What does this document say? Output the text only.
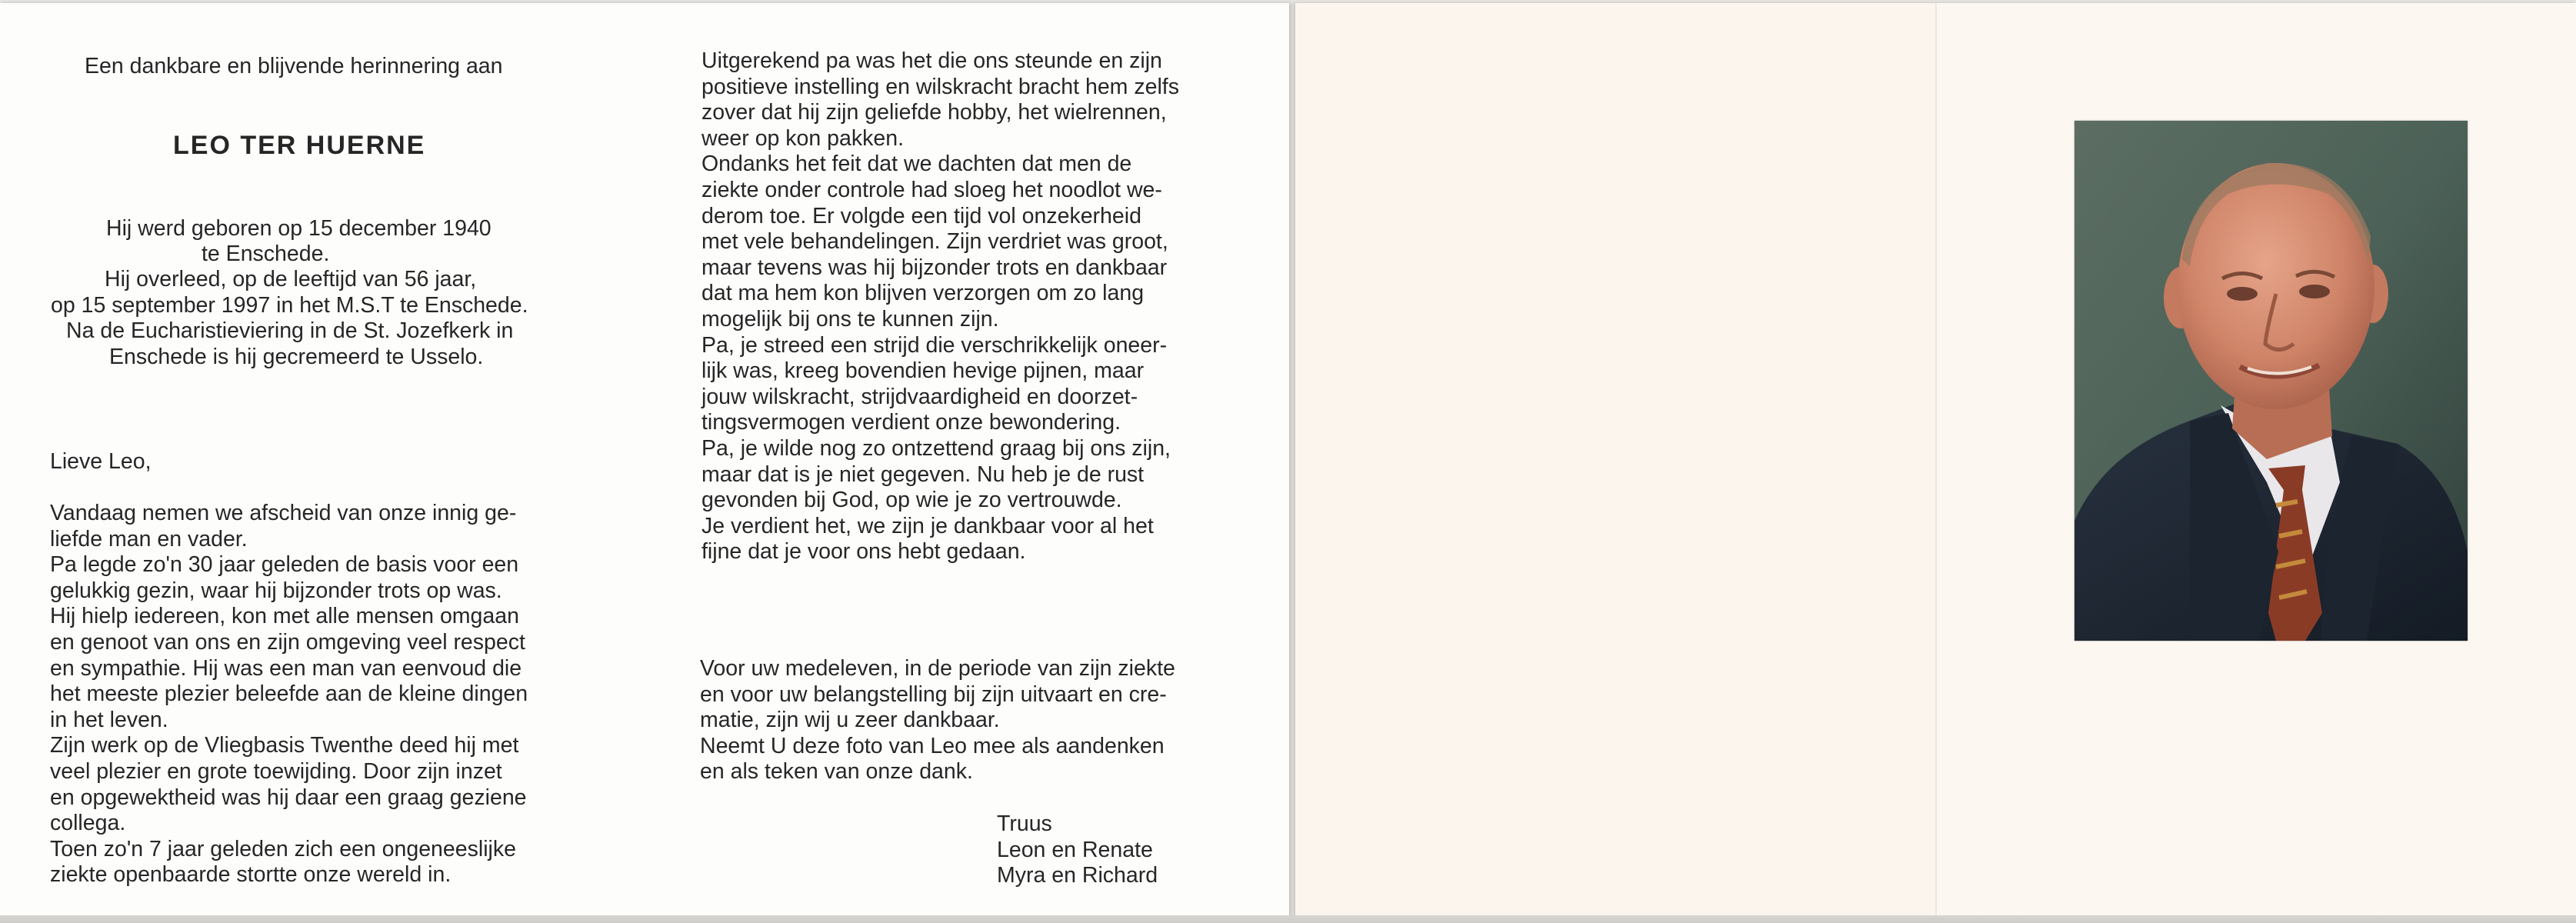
Een dankbare en blijvende herinnering aan

LEO TER HUERNE

Hij werd geboren op 15 december 1940

te Enschede.

Hij overleed, op de leeftijd van 56 jaar,

op 15 september 1997 in het M.S.T te Enschede.

Na de Eucharistieviering in de St. Jozefkerk in

Enschede is hij gecremeerd te Usselo.

Lieve Leo,

Vandaag nemen we afscheid van onze innig ge-

liefde man en vader.

Pa legde zo'n 30 jaar geleden de basis voor een

gelukkig gezin, waar hij bijzonder trots op was.

Hij hielp iedereen, kon met alle mensen omgaan

en genoot van ons en zijn omgeving veel respect

en sympathie. Hij was een man van eenvoud die

het meeste plezier beleefde aan de kleine dingen

in het leven.

Zijn werk op de Vliegbasis Twenthe deed hij met

veel plezier en grote toewijding. Door zijn inzet

en opgewektheid was hij daar een graag geziene

collega.

Toen zo'n 7 jaar geleden zich een ongeneeslijke

ziekte openbaarde stortte onze wereld in.

Uitgerekend pa was het die ons steunde en zijn

positieve instelling en wilskracht bracht hem zelfs

zover dat hij zijn geliefde hobby, het wielrennen,

weer op kon pakken.

Ondanks het feit dat we dachten dat men de

ziekte onder controle had sloeg het noodlot we-

derom toe. Er volgde een tijd vol onzekerheid

met vele behandelingen. Zijn verdriet was groot,

maar tevens was hij bijzonder trots en dankbaar

dat ma hem kon blijven verzorgen om zo lang

mogelijk bij ons te kunnen zijn.

Pa, je streed een strijd die verschrikkelijk oneer-

lijk was, kreeg bovendien hevige pijnen, maar

jouw wilskracht, strijdvaardigheid en doorzet-

tingsvermogen verdient onze bewondering.

Pa, je wilde nog zo ontzettend graag bij ons zijn,

maar dat is je niet gegeven. Nu heb je de rust

gevonden bij God, op wie je zo vertrouwde.

Je verdient het, we zijn je dankbaar voor al het

fijne dat je voor ons hebt gedaan.

Voor uw medeleven, in de periode van zijn ziekte

en voor uw belangstelling bij zijn uitvaart en cre-

matie, zijn wij u zeer dankbaar.

Neemt U deze foto van Leo mee als aandenken

en als teken van onze dank.

Truus

Leon en Renate

Myra en Richard
